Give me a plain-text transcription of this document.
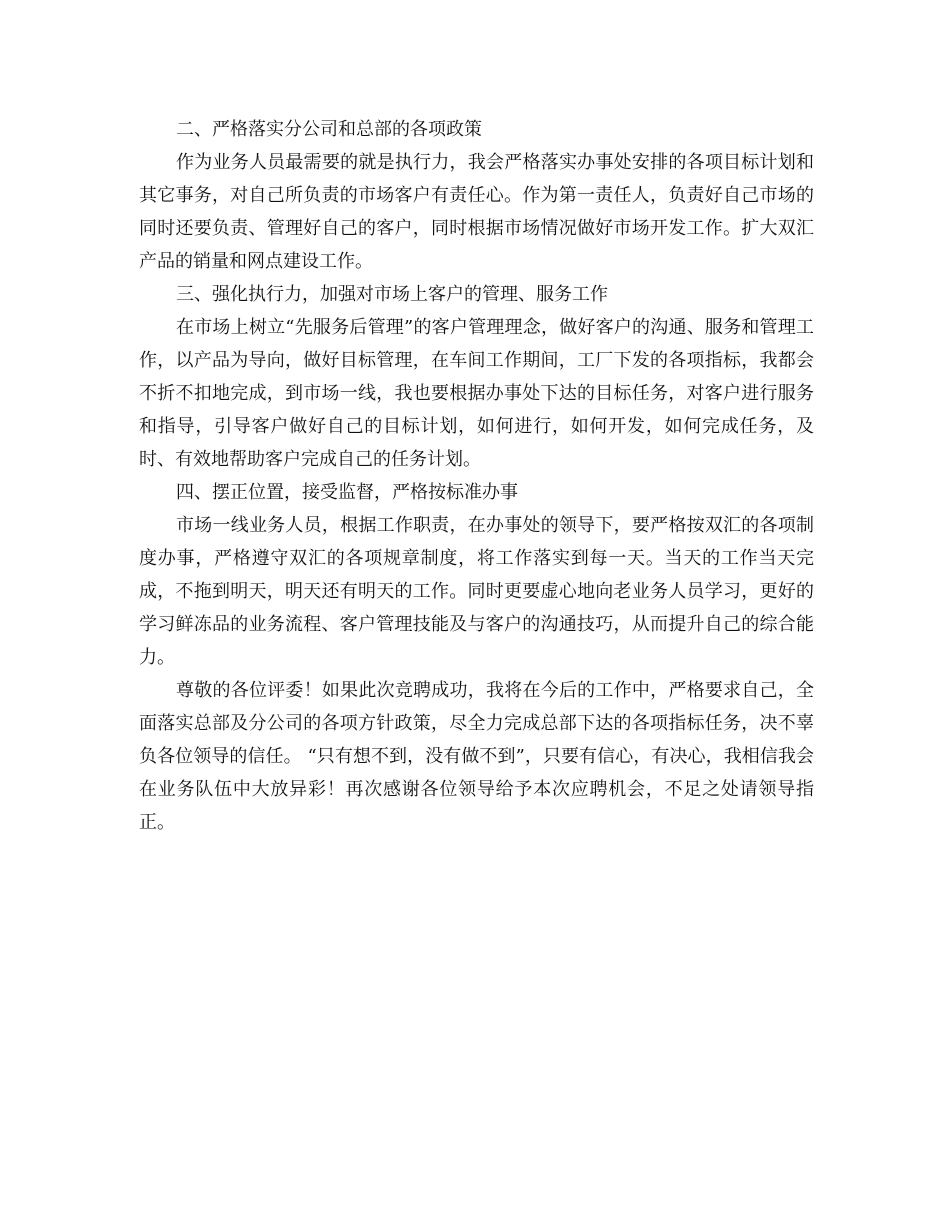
二、严格落实分公司和总部的各项政策

作为业务人员最需要的就是执行力，我会严格落实办事处安排的各项目标计划和其它事务，对自己所负责的市场客户有责任心。作为第一责任人，负责好自己市场的同时还要负责、管理好自己的客户，同时根据市场情况做好市场开发工作。扩大双汇产品的销量和网点建设工作。

三、强化执行力，加强对市场上客户的管理、服务工作

在市场上树立“先服务后管理”的客户管理理念，做好客户的沟通、服务和管理工作，以产品为导向，做好目标管理，在车间工作期间，工厂下发的各项指标，我都会不折不扣地完成，到市场一线，我也要根据办事处下达的目标任务，对客户进行服务和指导，引导客户做好自己的目标计划，如何进行，如何开发，如何完成任务，及时、有效地帮助客户完成自己的任务计划。

四、摆正位置，接受监督，严格按标准办事

市场一线业务人员，根据工作职责，在办事处的领导下，要严格按双汇的各项制度办事，严格遵守双汇的各项规章制度，将工作落实到每一天。当天的工作当天完成，不拖到明天，明天还有明天的工作。同时更要虚心地向老业务人员学习，更好的学习鲜冻品的业务流程、客户管理技能及与客户的沟通技巧，从而提升自己的综合能力。

尊敬的各位评委！如果此次竞聘成功，我将在今后的工作中，严格要求自己，全面落实总部及分公司的各项方针政策，尽全力完成总部下达的各项指标任务，决不辜负各位领导的信任。 “只有想不到，没有做不到”，只要有信心，有决心，我相信我会在业务队伍中大放异彩！再次感谢各位领导给予本次应聘机会，不足之处请领导指正。
